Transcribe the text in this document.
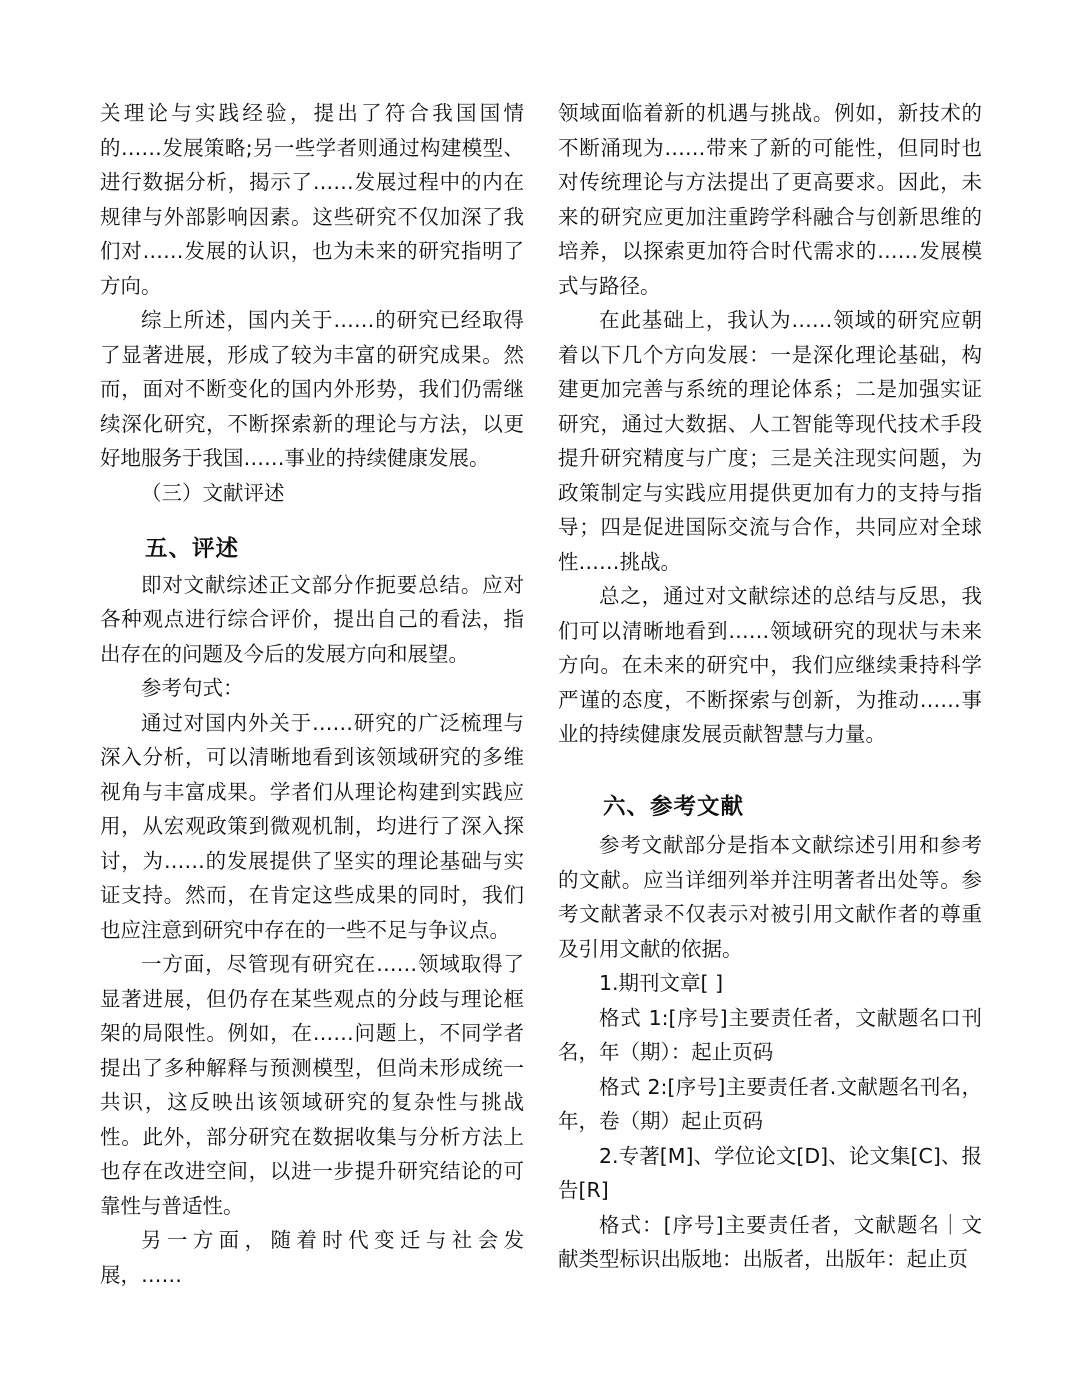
关理论与实践经验，提出了符合我国国情的……发展策略;另一些学者则通过构建模型、进行数据分析，揭示了……发展过程中的内在规律与外部影响因素。这些研究不仅加深了我们对……发展的认识，也为未来的研究指明了方向。

综上所述，国内关于……的研究已经取得了显著进展，形成了较为丰富的研究成果。然而，面对不断变化的国内外形势，我们仍需继续深化研究，不断探索新的理论与方法，以更好地服务于我国……事业的持续健康发展。

（三）文献评述

五、评述

即对文献综述正文部分作扼要总结。应对各种观点进行综合评价，提出自己的看法，指出存在的问题及今后的发展方向和展望。

参考句式：

通过对国内外关于……研究的广泛梳理与深入分析，可以清晰地看到该领域研究的多维视角与丰富成果。学者们从理论构建到实践应用，从宏观政策到微观机制，均进行了深入探讨，为……的发展提供了坚实的理论基础与实证支持。然而，在肯定这些成果的同时，我们也应注意到研究中存在的一些不足与争议点。

一方面，尽管现有研究在……领域取得了显著进展，但仍存在某些观点的分歧与理论框架的局限性。例如，在……问题上，不同学者提出了多种解释与预测模型，但尚未形成统一共识，这反映出该领域研究的复杂性与挑战性。此外，部分研究在数据收集与分析方法上也存在改进空间，以进一步提升研究结论的可靠性与普适性。

另一方面，随着时代变迁与社会发展，……

领域面临着新的机遇与挑战。例如，新技术的不断涌现为……带来了新的可能性，但同时也对传统理论与方法提出了更高要求。因此，未来的研究应更加注重跨学科融合与创新思维的培养，以探索更加符合时代需求的……发展模式与路径。

在此基础上，我认为……领域的研究应朝着以下几个方向发展：一是深化理论基础，构建更加完善与系统的理论体系；二是加强实证研究，通过大数据、人工智能等现代技术手段提升研究精度与广度；三是关注现实问题，为政策制定与实践应用提供更加有力的支持与指导；四是促进国际交流与合作，共同应对全球性……挑战。

总之，通过对文献综述的总结与反思，我们可以清晰地看到……领域研究的现状与未来方向。在未来的研究中，我们应继续秉持科学严谨的态度，不断探索与创新，为推动……事业的持续健康发展贡献智慧与力量。

六、参考文献

参考文献部分是指本文献综述引用和参考的文献。应当详细列举并注明著者出处等。参考文献著录不仅表示对被引用文献作者的尊重及引用文献的依据。

1.期刊文章[ ]

格式 1:[序号]主要责任者，文献题名口刊名，年（期）：起止页码

格式 2:[序号]主要责任者.文献题名刊名，年，卷（期）起止页码

2.专著[M]、学位论文[D]、论文集[C]、报告[R]

格式：[序号]主要责任者，文献题名｜文献类型标识出版地：出版者，出版年：起止页
